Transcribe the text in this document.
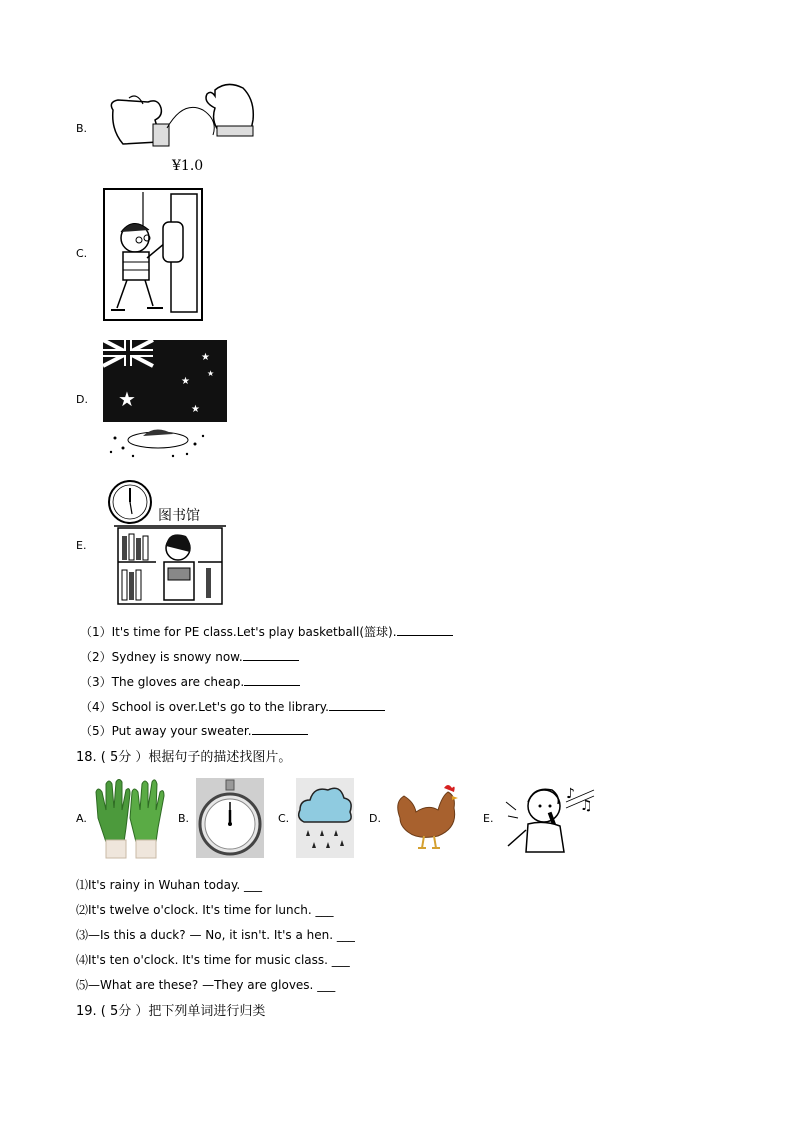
B.
¥1.0
C.
D. ★
★
★
★
★
E.
图书馆
（1）It's time for PE class.Let's play basketball(篮球).
（2）Sydney is snowy now.
（3）The gloves are cheap.
（4）School is over.Let's go to the library.
（5）Put away your sweater.
18. ( 5分 ）根据句子的描述找图片。
A.	B.	C.	D.	E.
♪
♫
⑴It's rainy in Wuhan today. ___
⑵It's twelve o'clock. It's time for lunch. ___
⑶—Is this a duck? — No, it isn't. It's a hen. ___
⑷It's ten o'clock. It's time for music class. ___
⑸—What are these? —They are gloves. ___
19. ( 5分 ）把下列单词进行归类
